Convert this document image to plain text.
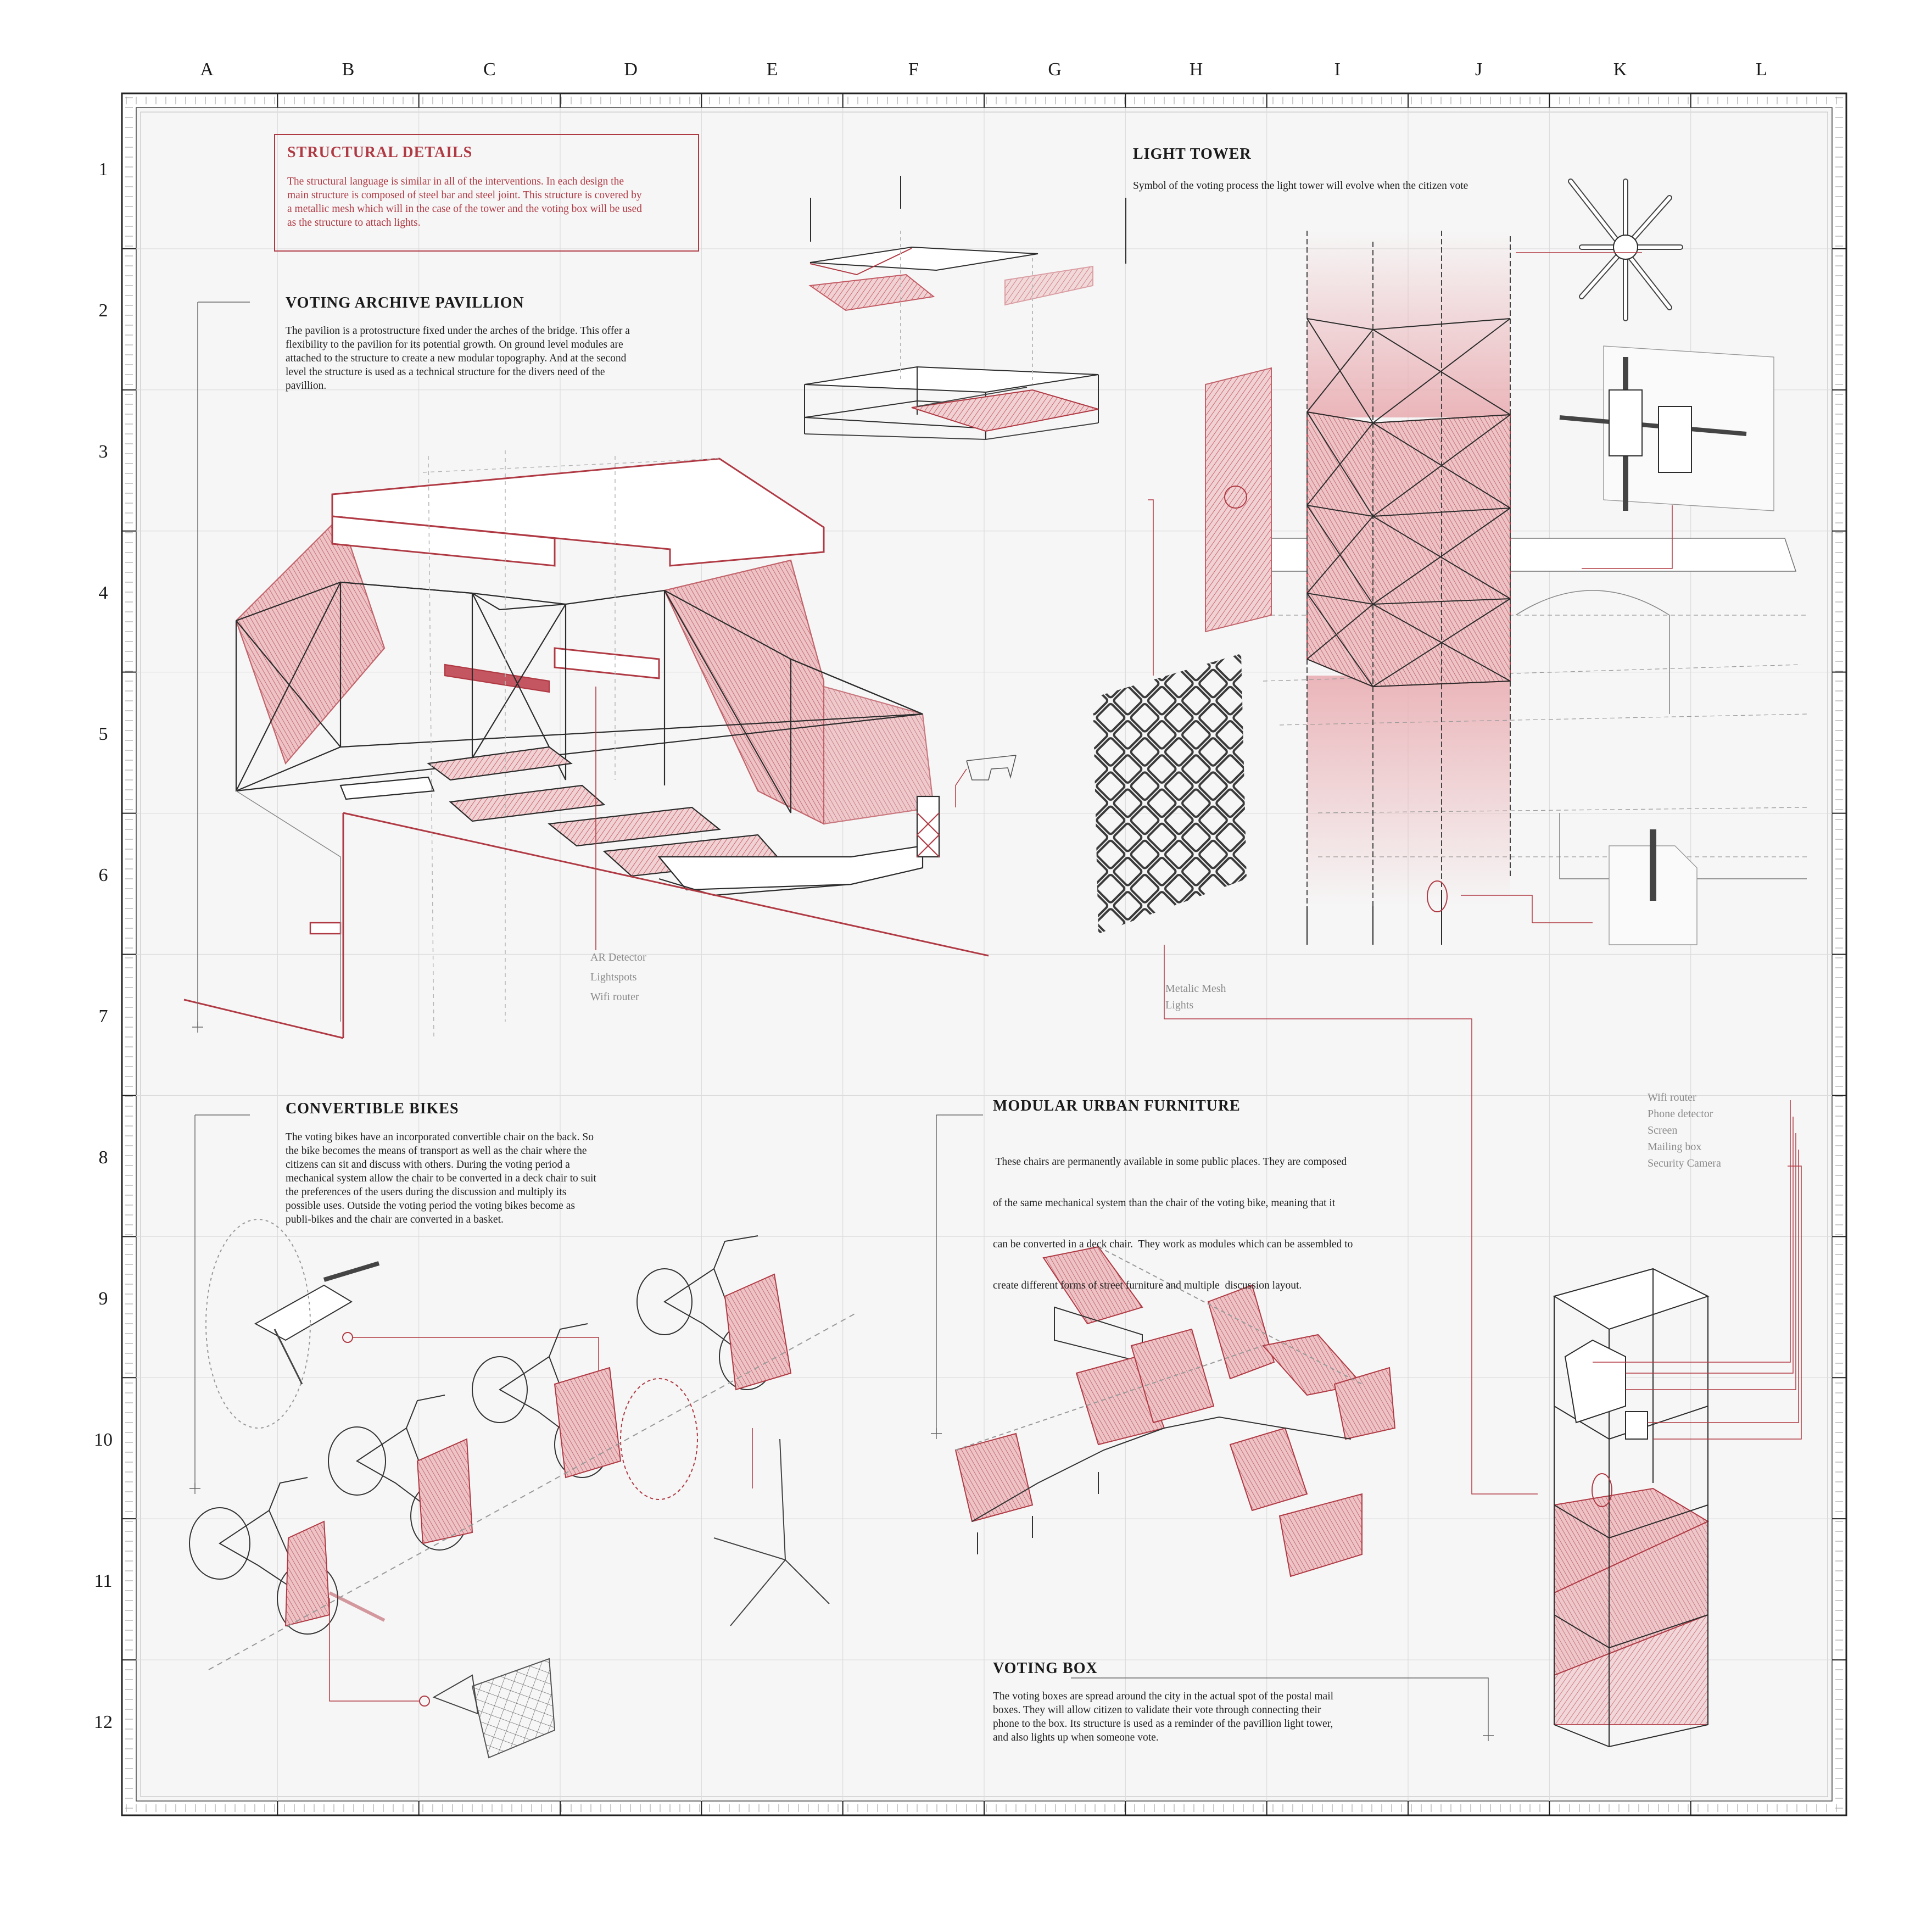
A	B	C	D	E	F	G	H	I	J	K	L
1
2
3
4
5
6
7
8
9
10
11
12
STRUCTURAL DETAILS
The structural language is similar in all of the interventions. In each design the
main structure is composed of steel bar and steel joint. This structure is covered by
a metallic mesh which will in the case of the tower and the voting box will be used
as the structure to attach lights.
LIGHT TOWER
Symbol of the voting process the light tower will evolve when the citizen vote
VOTING ARCHIVE PAVILLION
The pavilion is a protostructure fixed under the arches of the bridge. This offer a
flexibility to the pavilion for its potential growth. On ground level modules are
attached to the structure to create a new modular topography. And at the second
level the structure is used as a technical structure for the divers need of the
pavillion.
AR Detector
Lightspots
Wifi router
Metalic Mesh
Lights
CONVERTIBLE BIKES
The voting bikes have an incorporated convertible chair on the back. So
the bike becomes the means of transport as well as the chair where the
citizens can sit and discuss with others. During the voting period a
mechanical system allow the chair to be converted in a deck chair to suit
the preferences of the users during the discussion and multiply its
possible uses. Outside the voting period the voting bikes become as
publi-bikes and the chair are converted in a basket.
MODULAR URBAN FURNITURE

These chairs are permanently available in some public places. They are composed

of the same mechanical system than the chair of the voting bike, meaning that it

can be converted in a deck chair.  They work as modules which can be assembled to

create different forms of street furniture and multiple  discussion layout.

Wifi router
Phone detector
Screen
Mailing box
Security Camera
VOTING BOX
The voting boxes are spread around the city in the actual spot of the postal mail
boxes. They will allow citizen to validate their vote through connecting their
phone to the box. Its structure is used as a reminder of the pavillion light tower,
and also lights up when someone vote.
